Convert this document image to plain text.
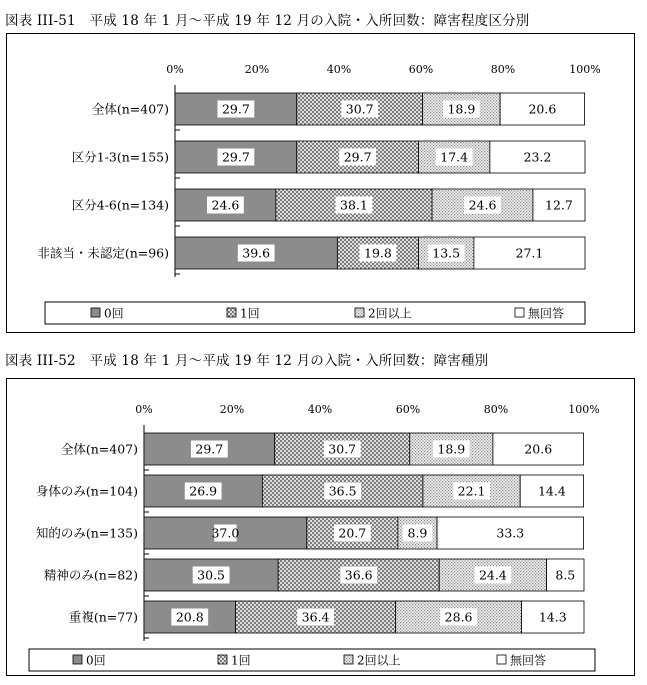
図表 III-51　平成 18 年 1 月～平成 19 年 12 月の入院・入所回数：障害程度区分別
0%	20%	40%	60%	80%	100%
全体(n=407)	29.7	30.7	18.9	20.6
区分1-3(n=155)	29.7	29.7	17.4	23.2
区分4-6(n=134)	24.6	38.1	24.6	12.7
非該当・未認定(n=96)	39.6	19.8	13.5	27.1
0回	1回	2回以上	無回答
図表 III-52　平成 18 年 1 月～平成 19 年 12 月の入院・入所回数：障害種別
0%	20%	40%	60%	80%	100%
全体(n=407)	29.7	30.7	18.9	20.6
身体のみ(n=104)	26.9	36.5	22.1	14.4
知的のみ(n=135)	37.0	20.7	8.9	33.3
精神のみ(n=82)	30.5	36.6	24.4	8.5
重複(n=77)	20.8	36.4	28.6	14.3
0回	1回	2回以上	無回答
